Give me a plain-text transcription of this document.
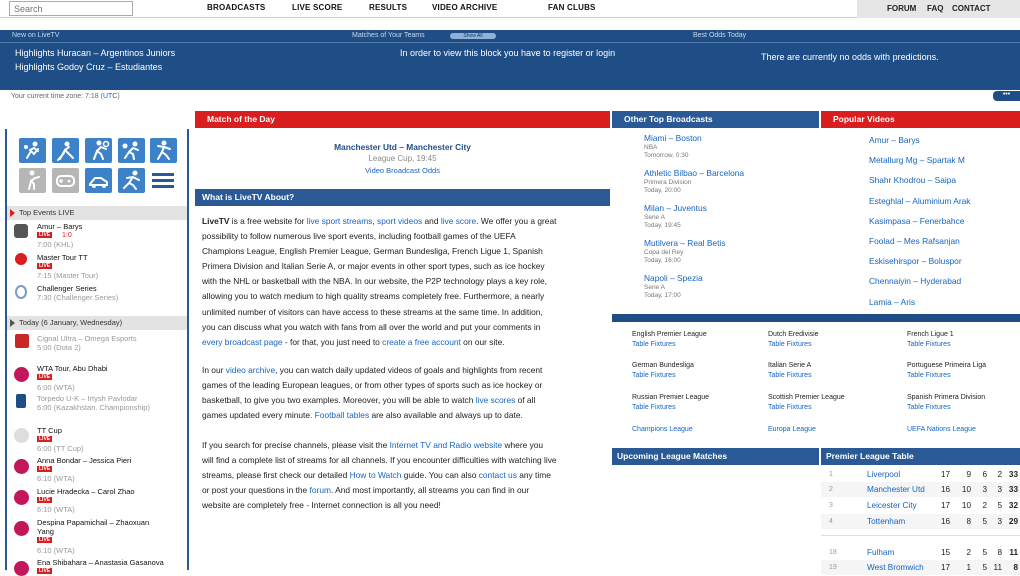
Search
BROADCASTS	LIVE SCORE	RESULTS	VIDEO ARCHIVE	FAN CLUBS	FORUM FAQ CONTACT
New on LiveTV	Matches of Your Teams	Best Odds Today
Highlights Huracan – Argentinos Juniors
Highlights Godoy Cruz – Estudiantes
In order to view this block you have to register or login	There are currently no odds with predictions.
Show All
Your current time zone: 7:18 (UTC)	•••
Top Events LIVE
Amur – Barys
LIVE 1:0
7:00 (KHL)
Master Tour TT
LIVE
7:15 (Master Tour)
Challenger Series
7:30 (Challenger Series)
Today (6 January, Wednesday)
Cignal Ultra – Omega Esports
5:00 (Dota 2)
WTA Tour, Abu Dhabi
LIVE
6:00 (WTA)
Torpedo U-K – Irtysh Pavlodar
6:00 (Kazakhstan. Championship)
TT Cup
LIVE
6:00 (TT Cup)
Anna Bondar – Jessica Pieri
LIVE
6:10 (WTA)
Lucie Hradecka – Carol Zhao
LIVE
6:10 (WTA)
Despina Papamichail – Zhaoxuan
Yang
LIVE
6:10 (WTA)
Ena Shibahara – Anastasia Gasanova
LIVE
Match of the Day
Manchester Utd – Manchester City
League Cup, 19:45
Video Broadcast Odds
What is LiveTV About?
LiveTV is a free website for live sport streams, sport videos and live score. We offer you a great
possibility to follow numerous live sport events, including football games of the UEFA
Champions League, English Premier League, German Bundesliga, French Ligue 1, Spanish
Primera Division and Italian Serie A, or major events in other sport types, such as ice hockey
with the NHL or basketball with the NBA. In our website, the P2P technology plays a key role,
allowing you to watch medium to high quality streams completely free. Furthermore, a nearly
unlimited number of visitors can have access to these streams at the same time. In addition,
you can discuss what you watch with fans from all over the world and put your comments in
every broadcast page - for that, you just need to create a free account on our site.
In our video archive, you can watch daily updated videos of goals and highlights from recent
games of the leading European leagues, or from other types of sports such as ice hockey or
basketball, to give you two examples. Moreover, you will be able to watch live scores of all
games updated every minute. Football tables are also available and always up to date.
If you search for precise channels, please visit the Internet TV and Radio website where you
will find a complete list of streams for all channels. If you encounter difficulties with watching live
streams, please first check our detailed How to Watch guide. You can also contact us any time
or post your questions in the forum. And most importantly, all streams you can find in our
website are completely free - Internet connection is all you need!
Other Top Broadcasts	Popular Videos
Upcoming League Matches	Premier League Table
Miami – Boston
NBA
Tomorrow, 0:30
Athletic Bilbao – Barcelona
Primera Division
Today, 20:00
Milan – Juventus
Serie A
Today, 19:45
Mutilvera – Real Betis
Copa del Rey
Today, 16:00
Napoli – Spezia
Serie A
Today, 17:00
Amur – Barys
Metallurg Mg – Spartak M
Shahr Khodrou – Saipa
Esteghlal – Aluminium Arak
Kasimpasa – Fenerbahce
Foolad – Mes Rafsanjan
Eskisehirspor – Boluspor
Chennaiyin – Hyderabad
Lamia – Aris
English Premier League
Table Fixtures
Dutch Eredivisie
Table Fixtures
French Ligue 1
Table Fixtures
German Bundesliga
Table Fixtures
Italian Serie A
Table Fixtures
Portuguese Primeira Liga
Table Fixtures
Russian Premier League
Table Fixtures
Scottish Premier League
Table Fixtures
Spanish Primera Division
Table Fixtures
Champions League	Europa League	UEFA Nations League
1	Liverpool	17	9	6	2 33
2	Manchester Utd 16	10	3	3 33
3	Leicester City	17	10	2	5 32
4	Tottenham	16	8	5	3 29
18	Fulham	15	2	5	8 11
19	West Bromwich 17	1	5 11	8
